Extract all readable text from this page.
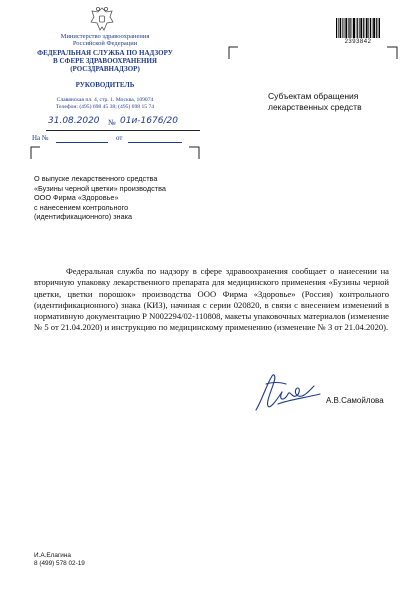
Министерство здравоохранения
Российской Федерации
ФЕДЕРАЛЬНАЯ СЛУЖБА ПО НАДЗОРУ
В СФЕРЕ ЗДРАВООХРАНЕНИЯ
(РОСЗДРАВНАДЗОР)
РУКОВОДИТЕЛЬ
Славянская пл. 4, стр. 1. Москва, 109074
Телефон: (495) 698 45 38; (495) 698 15 74
31.08.2020 № 01и-1676/20
На №	от
2393842
Субъектам обращения
лекарственных средств
О выпуске лекарственного средства
«Бузины черной цветки» производства
ООО Фирма «Здоровье»
с нанесением контрольного
(идентификационного) знака

Федеральная служба по надзору в сфере здравоохранения сообщает о нанесении на вторичную упаковку лекарственного препарата для медицинского применения «Бузины черной цветки, цветки порошок» производства ООО Фирма «Здоровье» (Россия) контрольного (идентификационного) знака (КИЗ), начиная с серии 020820, в связи с внесением изменений в нормативную документацию Р N002294/02-110808, макеты упаковочных материалов (изменение № 5 от 21.04.2020) и инструкцию по медицинскому применению (изменение № 3 от 21.04.2020).

А.В.Самойлова
И.А.Елагина
8 (499) 578 02-19
